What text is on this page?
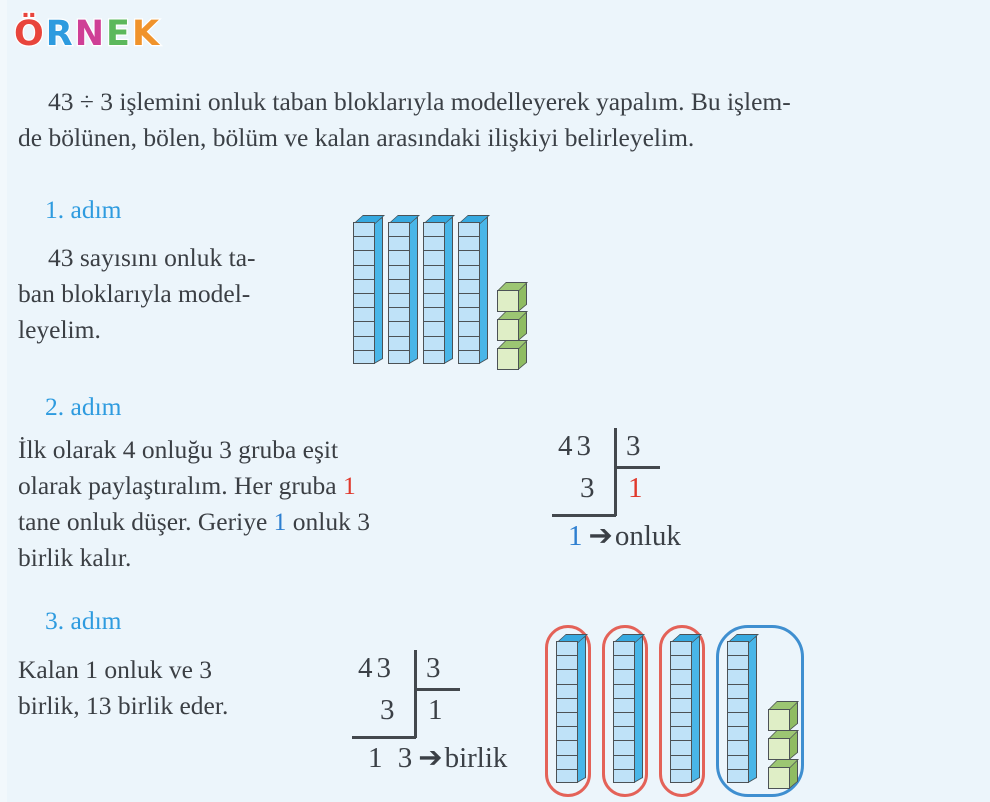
ÖRNEK
43 ÷ 3 işlemini onluk taban bloklarıyla modelleyerek yapalım. Bu işlem-
de bölünen, bölen, bölüm ve kalan arasındaki ilişkiyi belirleyelim.
1. adım
43 sayısını onluk ta-
ban bloklarıyla model-
leyelim.
2. adım
İlk olarak 4 onluğu 3 gruba eşit
olarak paylaştıralım. Her gruba 1
tane onluk düşer. Geriye 1 onluk 3
birlik kalır.
43 3
3 1
1➔onluk
3. adım
Kalan 1 onluk ve 3
birlik, 13 birlik eder.
43 3
3 1
1 3➔birlik
